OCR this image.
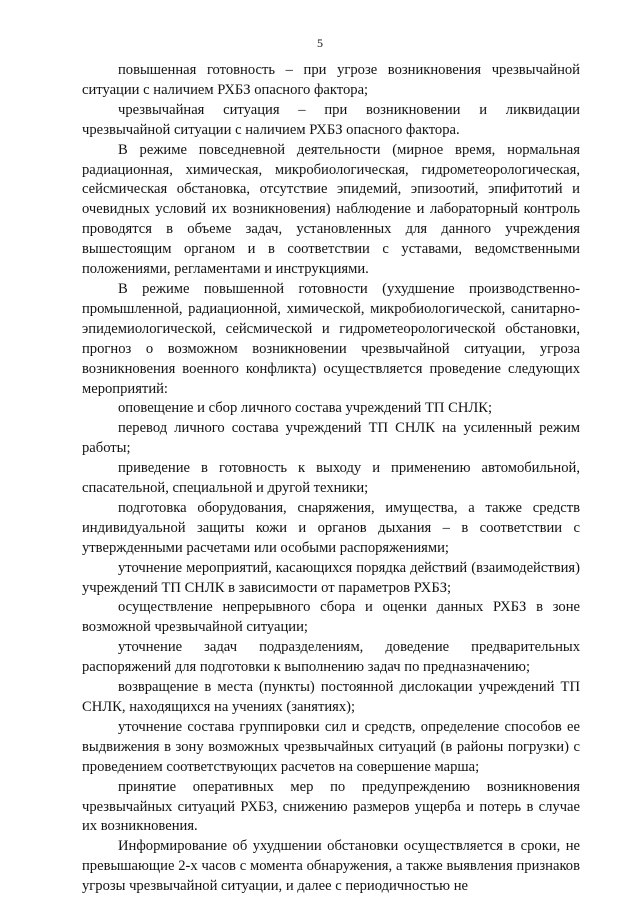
5

повышенная готовность – при угрозе возникновения чрезвычайной ситуации с наличием РХБЗ опасного фактора;

чрезвычайная ситуация – при возникновении и ликвидации чрезвычайной ситуации с наличием РХБЗ опасного фактора.

В режиме повседневной деятельности (мирное время, нормальная радиационная, химическая, микробиологическая, гидрометеорологическая, сейсмическая обстановка, отсутствие эпидемий, эпизоотий, эпифитотий и очевидных условий их возникновения) наблюдение и лабораторный контроль проводятся в объеме задач, установленных для данного учреждения вышестоящим органом и в соответствии с уставами, ведомственными положениями, регламентами и инструкциями.

В режиме повышенной готовности (ухудшение производственно-промышленной, радиационной, химической, микробиологической, санитарно-эпидемиологической, сейсмической и гидрометеорологической обстановки, прогноз о возможном возникновении чрезвычайной ситуации, угроза возникновения военного конфликта) осуществляется проведение следующих мероприятий:

оповещение и сбор личного состава учреждений ТП СНЛК;

перевод личного состава учреждений ТП СНЛК на усиленный режим работы;

приведение в готовность к выходу и применению автомобильной, спасательной, специальной и другой техники;

подготовка оборудования, снаряжения, имущества, а также средств индивидуальной защиты кожи и органов дыхания – в соответствии с утвержденными расчетами или особыми распоряжениями;

уточнение мероприятий, касающихся порядка действий (взаимодействия) учреждений ТП СНЛК в зависимости от параметров РХБЗ;

осуществление непрерывного сбора и оценки данных РХБЗ в зоне возможной чрезвычайной ситуации;

уточнение задач подразделениям, доведение предварительных распоряжений для подготовки к выполнению задач по предназначению;

возвращение в места (пункты) постоянной дислокации учреждений ТП СНЛК, находящихся на учениях (занятиях);

уточнение состава группировки сил и средств, определение способов ее выдвижения в зону возможных чрезвычайных ситуаций (в районы погрузки) с проведением соответствующих расчетов на совершение марша;

принятие оперативных мер по предупреждению возникновения чрезвычайных ситуаций РХБЗ, снижению размеров ущерба и потерь в случае их возникновения.

Информирование об ухудшении обстановки осуществляется в сроки, не превышающие 2-х часов с момента обнаружения, а также выявления признаков угрозы чрезвычайной ситуации, и далее с периодичностью не
